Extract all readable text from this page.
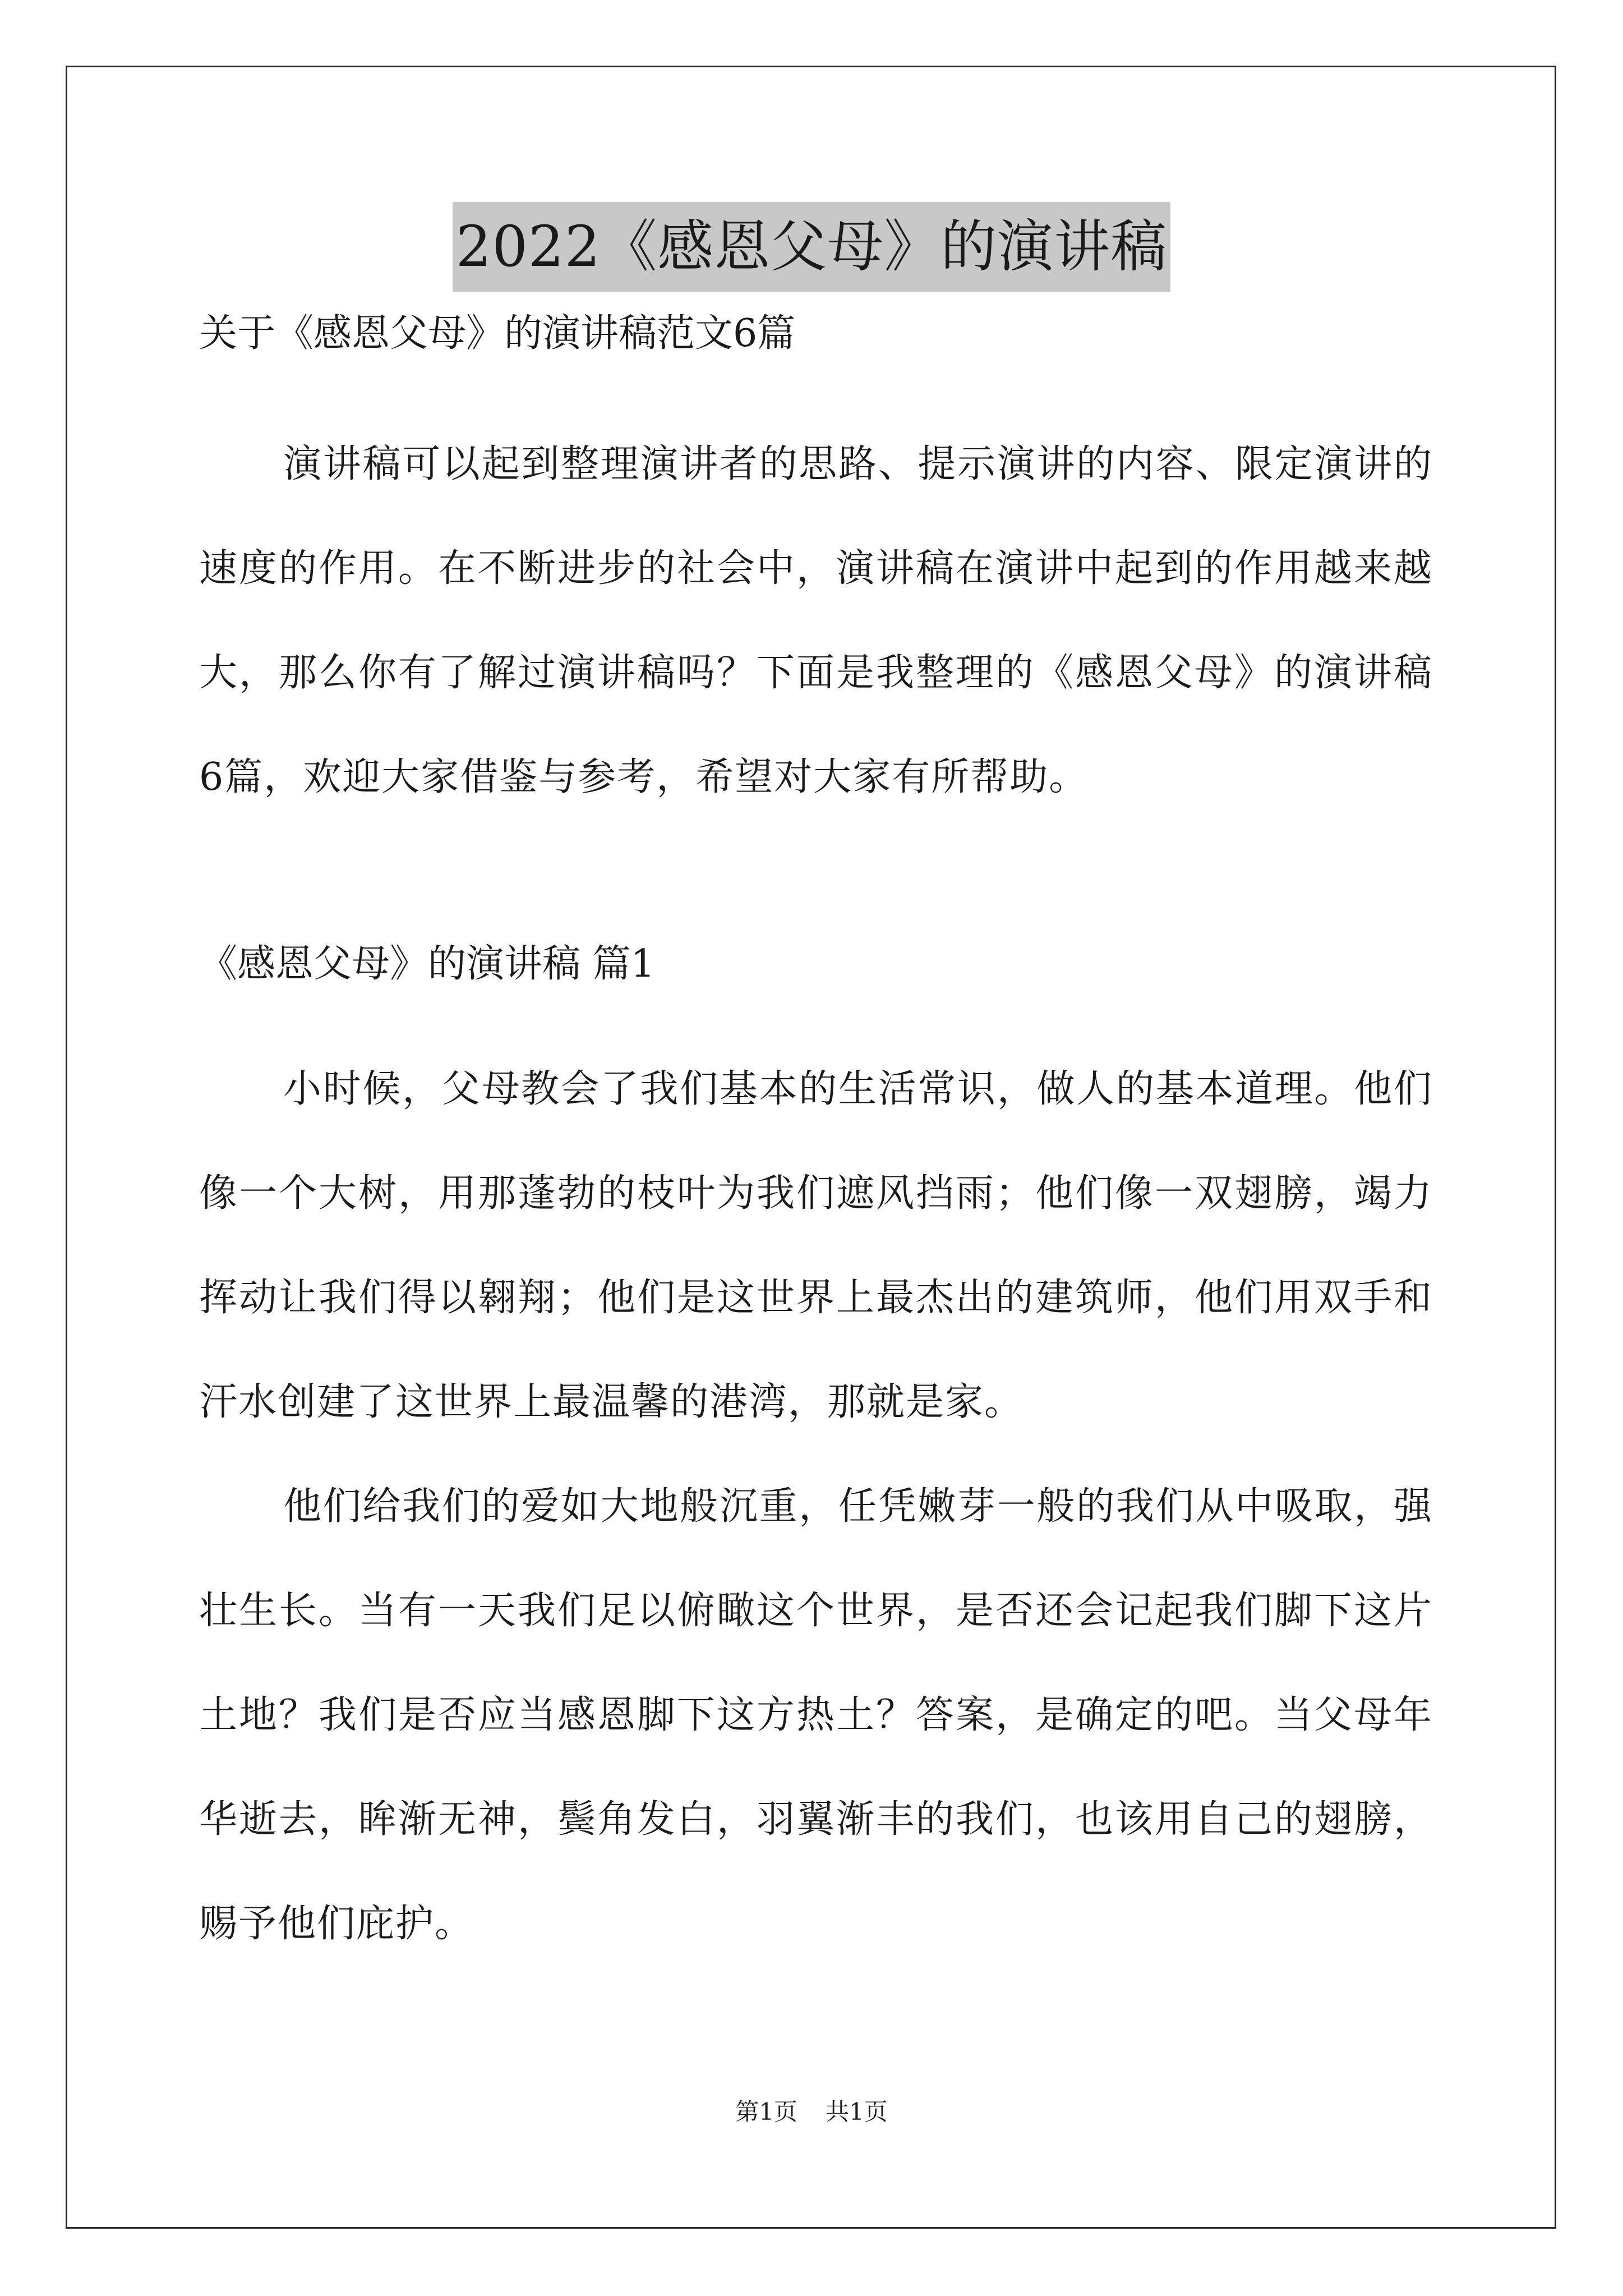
2022《感恩父母》的演讲稿

关于《感恩父母》的演讲稿范文6篇

演讲稿可以起到整理演讲者的思路、提示演讲的内容、限定演讲的速度的作用。在不断进步的社会中，演讲稿在演讲中起到的作用越来越大，那么你有了解过演讲稿吗？下面是我整理的《感恩父母》的演讲稿6篇，欢迎大家借鉴与参考，希望对大家有所帮助。

《感恩父母》的演讲稿 篇1

小时候，父母教会了我们基本的生活常识，做人的基本道理。他们像一个大树，用那蓬勃的枝叶为我们遮风挡雨；他们像一双翅膀，竭力挥动让我们得以翱翔；他们是这世界上最杰出的建筑师，他们用双手和汗水创建了这世界上最温馨的港湾，那就是家。

他们给我们的爱如大地般沉重，任凭嫩芽一般的我们从中吸取，强壮生长。当有一天我们足以俯瞰这个世界，是否还会记起我们脚下这片土地？我们是否应当感恩脚下这方热土？答案，是确定的吧。当父母年华逝去，眸渐无神，鬓角发白，羽翼渐丰的我们，也该用自己的翅膀，赐予他们庇护。

第1页 共1页
